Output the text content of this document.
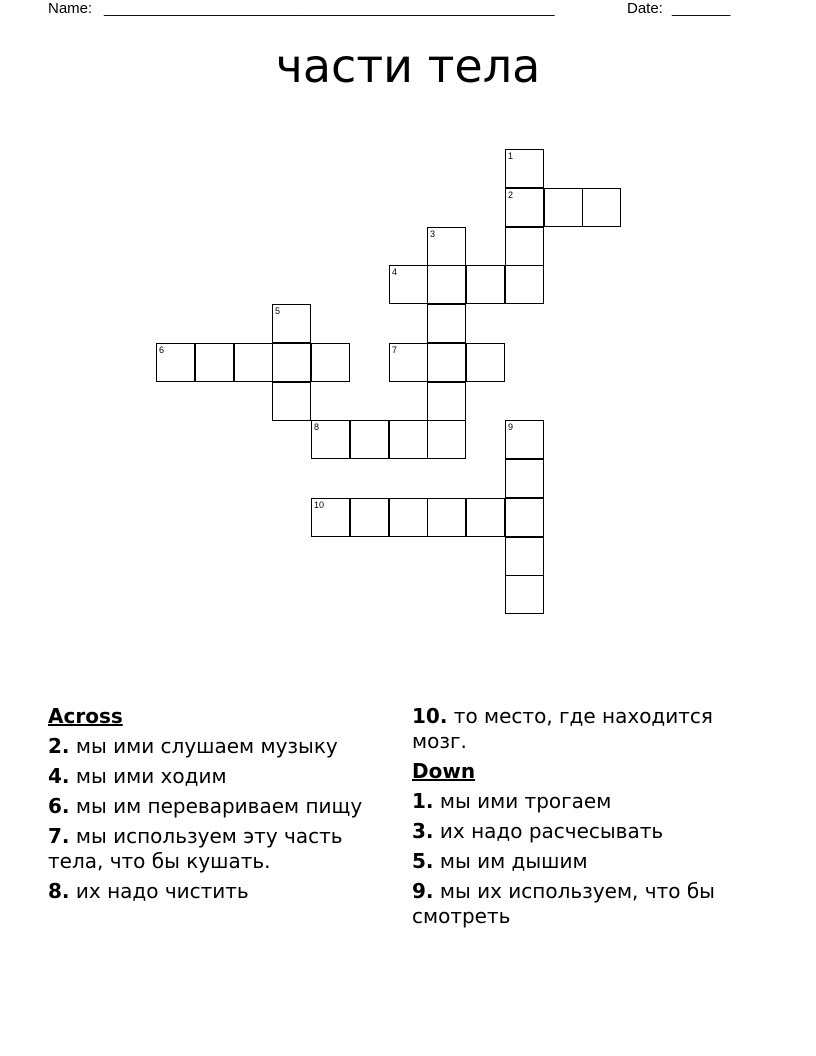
Name: ______________________________________________________	Date: _______
части тела
1
2
3
4
5
6	7
8	9
10
Across
2. мы ими слушаем музыку
4. мы ими ходим
6. мы им перевариваем пищу
7. мы используем эту часть тела, что бы кушать.
8. их надо чистить
10. то место, где находится мозг.
Down
1. мы ими трогаем
3. их надо расчесывать
5. мы им дышим
9. мы их используем, что бы смотреть
